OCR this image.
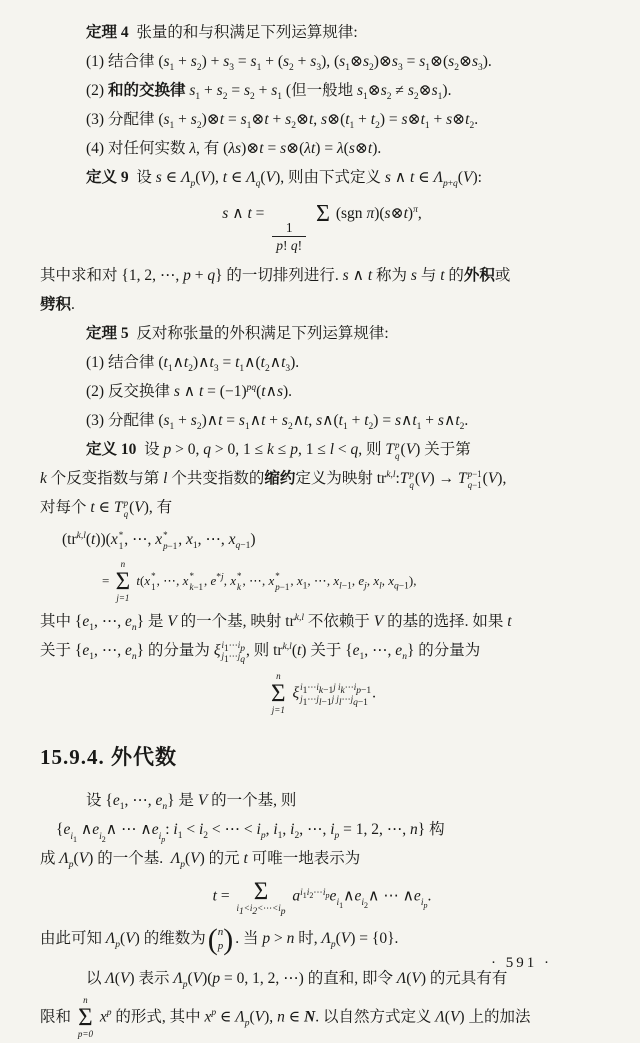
定理 4  张量的和与积满足下列运算规律:
(1) 结合律 $(s_1 + s_2) + s_3 = s_1 + (s_2 + s_3)$, $(s_1\otimes s_2)\otimes s_3$ = $s_1\otimes(s_2\otimes s_3)$.
(2) 和的交换律 $s_1 + s_2 = s_2 + s_1$ (但一般地 $s_1\otimes s_2$ ≠ $s_2\otimes s_1$).
(3) 分配律 ($s_1$ + $s_2)\otimes t$ = $s_1\otimes t$ + $s_2\otimes t$, $s\otimes(t_1 + t_2)$ = $s\otimes t_1$ + $s\otimes t_2$.
(4) 对任何实数 λ, 有 (λs)⊗t = s⊗(λt) = λ(s⊗t).
定义 9  设 s ∈ $\Lambda_p(V)$, t ∈ $\Lambda_q(V)$, 则由下式定义 s ∧ t ∈ $\Lambda_{p+q}(V)$:
s ∧ t =
$\frac{1}{p! q!}$
Σ (sgn π)(s⊗t)$^\pi$,
其中求和对 {1, 2, ⋯, p + q} 的一切排列进行. s ∧ t 称为 s 与 t 的外积或
劈积.
定理 5  反对称张量的外积满足下列运算规律:
(1) 结合律 $(t_1\wedge t_2)\wedge t_3$ = $t_1\wedge(t_2\wedge t_3)$.
(2) 反交换律 s ∧ $t = (-1)^{pq}(t\wedge s)$.
(3) 分配律 ($s_1$ + $s_2)\wedge t$ = $s_1\wedge t$ + $s_2\wedge t$, $s\wedge(t_1 + t_2)$ = $s\wedge t_1$ + $s\wedge t_2$.
定义 10  设 p > 0, q > 0, 1 ≤ k ≤ p, 1 ≤ l < q, 则 T p
q (V) 关于第
k 个反变指数与第 l 个共变指数的缩约定义为映射 tr$^{k,l}$:T p
q (V) → T p−1
q−1 (V),
对每个 t ∈ T p
q (V), 有
(tr$^{k,l}$(t))(x *
1 , ⋯, x *
p−1 , $x_1$, ⋯, $x_{q-1}$)
=
n
Σ
j=1
t(x *
1 , ⋯, x *
k−1 , $e^{*j}$, x *
k , ⋯, x *
p−1 , $x_1$, ⋯, $x_{l-1}$, $e_j$, $x_l$, $x_{q-1}$),
其中 {$e_1$, ⋯, $e_n$} 是 V 的一个基, 映射 tr$^{k,l}$ 不依赖于 V 的基的选择. 如果 t
关于 {$e_1$, ⋯, $e_n$} 的分量为 ξ $i_1\cdots i_p$
$j_1\cdots j_q$
, 则 tr$^{k,l}$(t) 关于 {$e_1$, ⋯, $e_n$} 的分量为
n
Σ
j=1
ξ $i_1\cdots i_{k-1}j$ $i_k\cdots i_{p-1}$
$j_1\cdots j_{l-1}j$ $j_l\cdots j_{q-1}$
.
15.9.4. 外代数
设 {$e_1$, ⋯, $e_n$} 是 V 的一个基, 则
{$e_{i_1}$ $\wedge e_{i_2}\wedge$ ⋯ $\wedge e_{i_p}$: $i_1 < i_2$ < ⋯ < $i_p$, $i_1$, $i_2$, ⋯, $i_p = 1$, 2, ⋯, n} 构
成 $\Lambda_p(V)$ 的一个基.  $\Lambda_p(V)$ 的元 t 可唯一地表示为
t = Σ
$i_1<i_2<\cdots<i_p$
$a^{i_1i_2\cdots i_p}e_{i_1}\wedge e_{i_2}\wedge$ ⋯ $\wedge e_{i_p}$.
由此可知 $\Lambda_p(V)$ 的维数为 ( n
p ) . 当 p > n 时, $\Lambda_p(V) = \{0\}$.
以 Λ(V) 表示 $\Lambda_p(V)(p = 0$, 1, 2, ⋯) 的直和, 即令 Λ(V) 的元具有有
限和
n
Σ
p=0
$x^p$ 的形式, 其中 $x^p$ ∈ $\Lambda_p(V)$, n ∈ N. 以自然方式定义 Λ(V) 上的加法
· 591 ·
